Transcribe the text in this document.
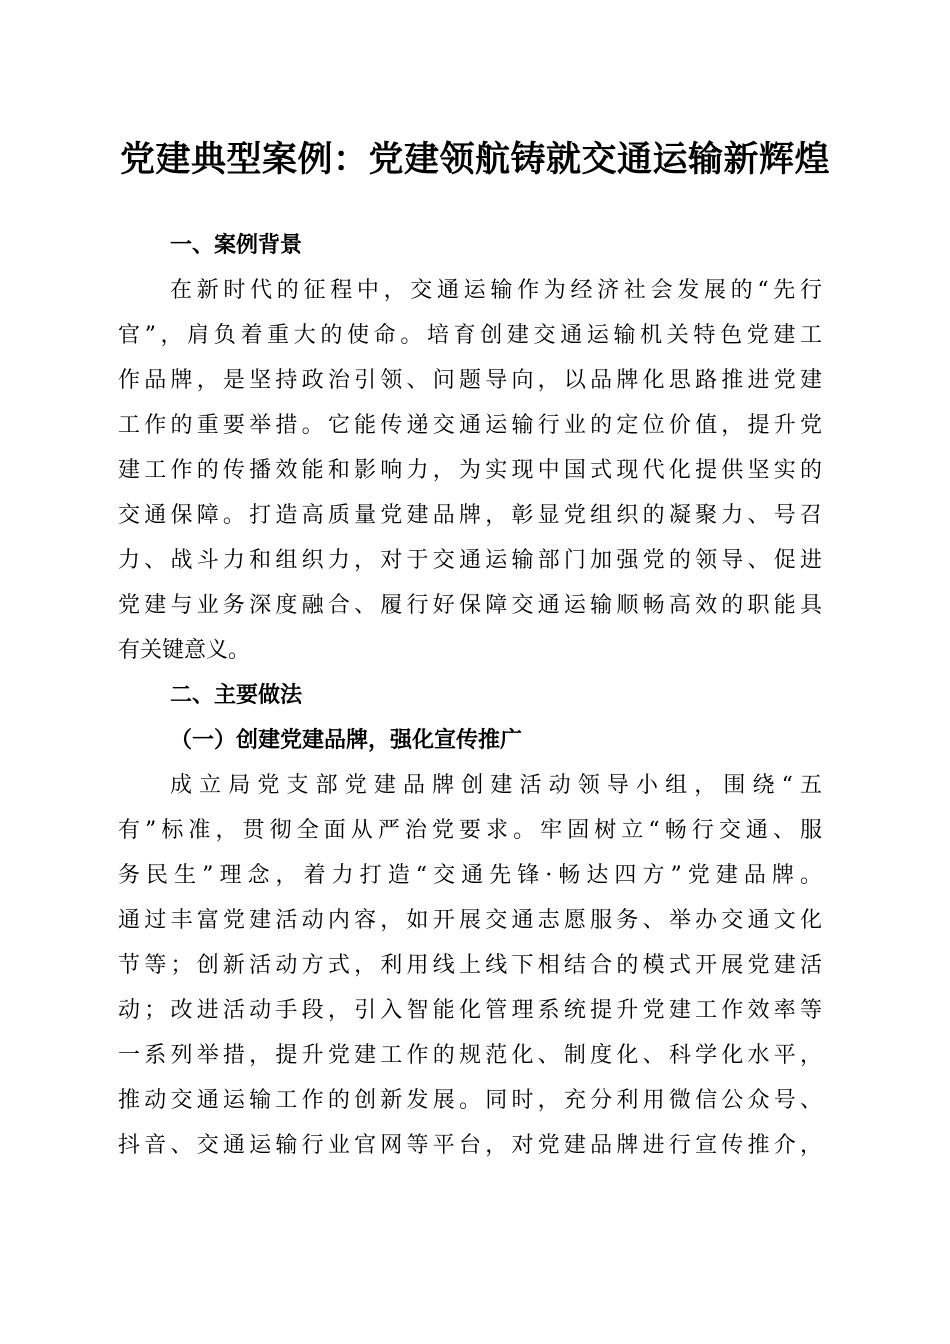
党建典型案例：党建领航铸就交通运输新辉煌
一、案例背景

在新时代的征程中，交通运输作为经济社会发展的“先行
官”，肩负着重大的使命。培育创建交通运输机关特色党建工
作品牌，是坚持政治引领、问题导向，以品牌化思路推进党建
工作的重要举措。它能传递交通运输行业的定位价值，提升党
建工作的传播效能和影响力，为实现中国式现代化提供坚实的
交通保障。打造高质量党建品牌，彰显党组织的凝聚力、号召
力、战斗力和组织力，对于交通运输部门加强党的领导、促进
党建与业务深度融合、履行好保障交通运输顺畅高效的职能具
有关键意义。

二、主要做法
（一）创建党建品牌，强化宣传推广

成立局党支部党建品牌创建活动领导小组，围绕“五
有”标准，贯彻全面从严治党要求。牢固树立“畅行交通、服
务民生”理念，着力打造“交通先锋·畅达四方”党建品牌。
通过丰富党建活动内容，如开展交通志愿服务、举办交通文化
节等；创新活动方式，利用线上线下相结合的模式开展党建活
动；改进活动手段，引入智能化管理系统提升党建工作效率等
一系列举措，提升党建工作的规范化、制度化、科学化水平，
推动交通运输工作的创新发展。同时，充分利用微信公众号、
抖音、交通运输行业官网等平台，对党建品牌进行宣传推介，
